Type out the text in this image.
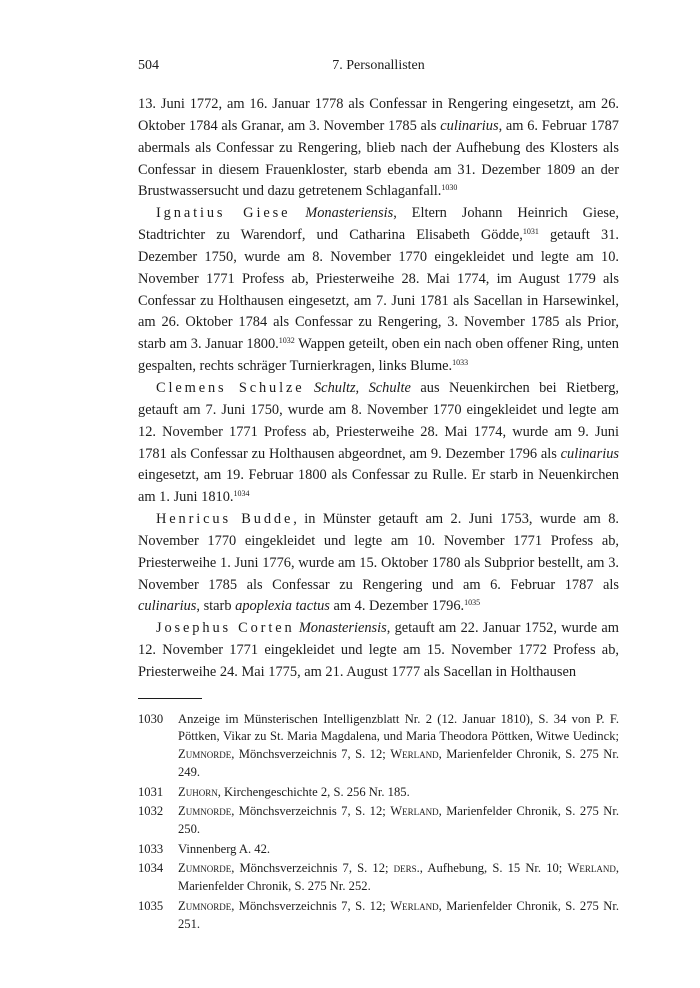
504	7. Personallisten

13. Juni 1772, am 16. Januar 1778 als Confessar in Rengering eingesetzt, am 26. Oktober 1784 als Granar, am 3. November 1785 als culinarius, am 6. Februar 1787 abermals als Confessar zu Rengering, blieb nach der Aufhebung des Klosters als Confessar in diesem Frauenkloster, starb ebenda am 31. Dezember 1809 an der Brustwassersucht und dazu getretenem Schlaganfall.$^{1030}$

Ignatius Giese Monasteriensis, Eltern Johann Heinrich Giese, Stadtrichter zu Warendorf, und Catharina Elisabeth Gödde,$^{1031}$ getauft 31. Dezember 1750, wurde am 8. November 1770 eingekleidet und legte am 10. November 1771 Profess ab, Priesterweihe 28. Mai 1774, im August 1779 als Confessar zu Holthausen eingesetzt, am 7. Juni 1781 als Sacellan in Harsewinkel, am 26. Oktober 1784 als Confessar zu Rengering, 3. November 1785 als Prior, starb am 3. Januar 1800.$^{1032}$ Wappen geteilt, oben ein nach oben offener Ring, unten gespalten, rechts schräger Turnierkragen, links Blume.$^{1033}$

Clemens Schulze Schultz, Schulte aus Neuenkirchen bei Rietberg, getauft am 7. Juni 1750, wurde am 8. November 1770 eingekleidet und legte am 12. November 1771 Profess ab, Priesterweihe 28. Mai 1774, wurde am 9. Juni 1781 als Confessar zu Holthausen abgeordnet, am 9. Dezember 1796 als culinarius eingesetzt, am 19. Februar 1800 als Confessar zu Rulle. Er starb in Neuenkirchen am 1. Juni 1810.$^{1034}$

Henricus Budde, in Münster getauft am 2. Juni 1753, wurde am 8. November 1770 eingekleidet und legte am 10. November 1771 Profess ab, Priesterweihe 1. Juni 1776, wurde am 15. Oktober 1780 als Subprior bestellt, am 3. November 1785 als Confessar zu Rengering und am 6. Februar 1787 als culinarius, starb apoplexia tactus am 4. Dezember 1796.$^{1035}$

Josephus Corten Monasteriensis, getauft am 22. Januar 1752, wurde am 12. November 1771 eingekleidet und legte am 15. November 1772 Profess ab, Priesterweihe 24. Mai 1775, am 21. August 1777 als Sacellan in Holthausen

1030	Anzeige im Münsterischen Intelligenzblatt Nr. 2 (12. Januar 1810), S. 34 von P. F. Pöttken, Vikar zu St. Maria Magdalena, und Maria Theodora Pöttken, Witwe Uedinck; Zumnorde, Mönchsverzeichnis 7, S. 12; Werland, Marienfelder Chronik, S. 275 Nr. 249.
1031	Zuhorn, Kirchengeschichte 2, S. 256 Nr. 185.
1032	Zumnorde, Mönchsverzeichnis 7, S. 12; Werland, Marienfelder Chronik, S. 275 Nr. 250.
1033	Vinnenberg A. 42.
1034	Zumnorde, Mönchsverzeichnis 7, S. 12; ders., Aufhebung, S. 15 Nr. 10; Werland, Marienfelder Chronik, S. 275 Nr. 252.
1035	Zumnorde, Mönchsverzeichnis 7, S. 12; Werland, Marienfelder Chronik, S. 275 Nr. 251.
